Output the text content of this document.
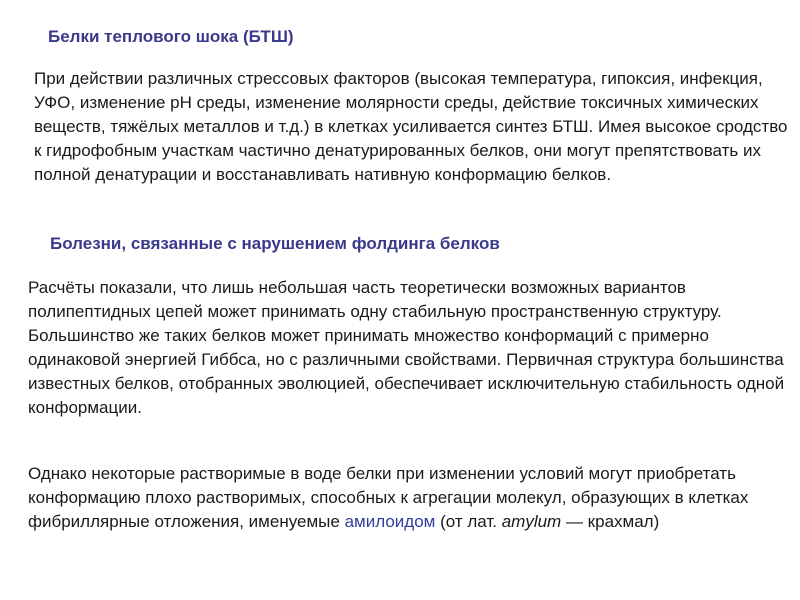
Белки теплового шока (БТШ)

При действии различных стрессовых факторов (высокая температура, гипоксия, инфекция, УФО, изменение pH среды, изменение молярности среды, действие токсичных химических веществ, тяжёлых металлов и т.д.) в клетках усиливается синтез БТШ. Имея высокое сродство к гидрофобным участкам частично денатурированных белков, они могут препятствовать их полной денатурации и восстанавливать нативную конформацию белков.

Болезни, связанные с нарушением фолдинга белков

Расчёты показали, что лишь небольшая часть теоретически возможных вариантов полипептидных цепей может принимать одну стабильную пространственную структуру. Большинство же таких белков может принимать множество конформаций с примерно одинаковой энергией Гиббса, но с различными свойствами. Первичная структура большинства известных белков, отобранных эволюцией, обеспечивает исключительную стабильность одной конформации.

Однако некоторые растворимые в воде белки при изменении условий могут приобретать конформацию плохо растворимых, способных к агрегации молекул, образующих в клетках фибриллярные отложения, именуемые амилоидом (от лат. amylum — крахмал)
